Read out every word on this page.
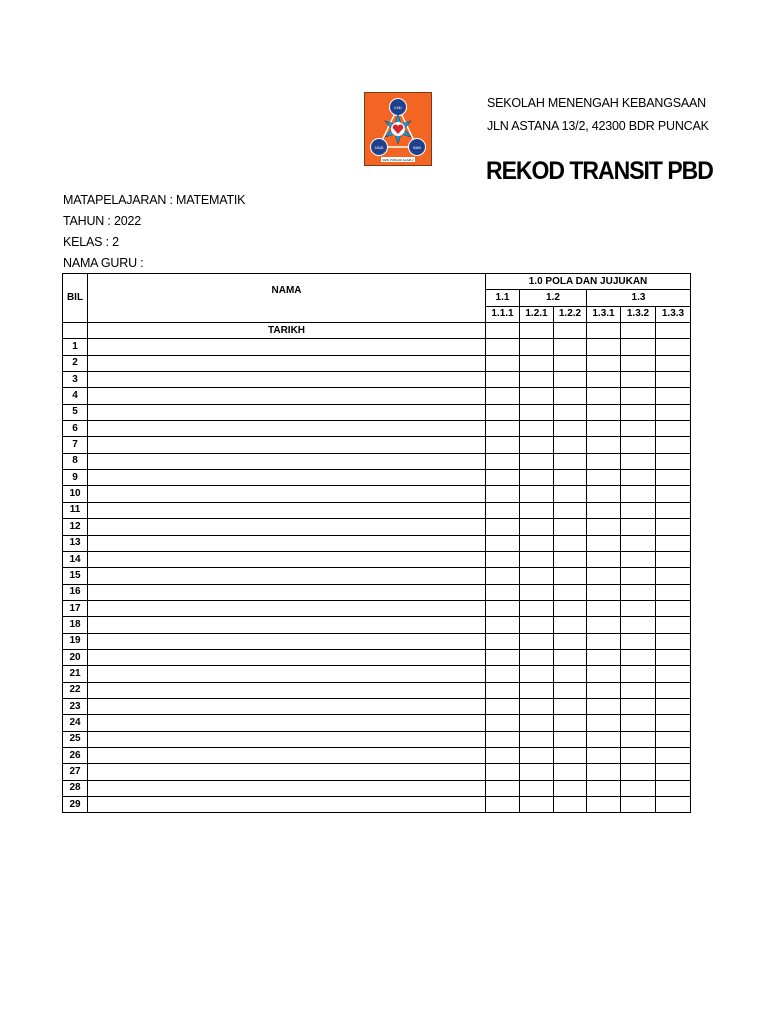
ILMU
ADAB	IMAN
SMK PUNCAK ALAM 2
SEKOLAH MENENGAH KEBANGSAAN
JLN ASTANA 13/2, 42300 BDR PUNCAK
REKOD TRANSIT PBD
MATAPELAJARAN : MATEMATIK
TAHUN : 2022
KELAS : 2
NAMA GURU :
BIL	NAMA	1.0 POLA DAN JUJUKAN					
		1.1	1.2		1.3		
		1.1.1	1.2.1	1.2.2	1.3.1	1.3.2	1.3.3
	TARIKH						
1							
2							
3							
4							
5							
6							
7							
8							
9							
10							
11							
12							
13							
14							
15							
16							
17							
18							
19							
20							
21							
22							
23							
24							
25							
26							
27							
28							
29							
